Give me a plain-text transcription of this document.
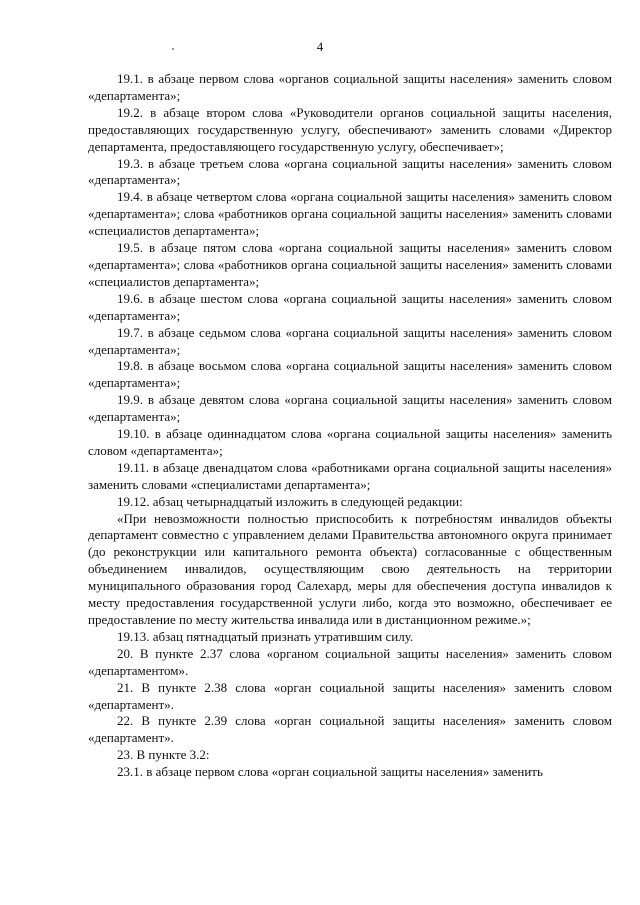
4

19.1. в абзаце первом слова «органов социальной защиты населения» заменить словом «департамента»;

19.2. в абзаце втором слова «Руководители органов социальной защиты населения, предоставляющих государственную услугу, обеспечивают» заменить словами «Директор департамента, предоставляющего государственную услугу, обеспечивает»;

19.3. в абзаце третьем слова «органа социальной защиты населения» заменить словом «департамента»;

19.4. в абзаце четвертом слова «органа социальной защиты населения» заменить словом «департамента»; слова «работников органа социальной защиты населения» заменить словами «специалистов департамента»;

19.5. в абзаце пятом слова «органа социальной защиты населения» заменить словом «департамента»; слова «работников органа социальной защиты населения» заменить словами «специалистов департамента»;

19.6. в абзаце шестом слова «органа социальной защиты населения» заменить словом «департамента»;

19.7. в абзаце седьмом слова «органа социальной защиты населения» заменить словом «департамента»;

19.8. в абзаце восьмом слова «органа социальной защиты населения» заменить словом «департамента»;

19.9. в абзаце девятом слова «органа социальной защиты населения» заменить словом «департамента»;

19.10. в абзаце одиннадцатом слова «органа социальной защиты населения» заменить словом «департамента»;

19.11. в абзаце двенадцатом слова «работниками органа социальной защиты населения» заменить словами «специалистами департамента»;

19.12. абзац четырнадцатый изложить в следующей редакции:

«При невозможности полностью приспособить к потребностям инвалидов объекты департамент совместно с управлением делами Правительства автономного округа принимает (до реконструкции или капитального ремонта объекта) согласованные с общественным объединением инвалидов, осуществляющим свою деятельность на территории муниципального образования город Салехард, меры для обеспечения доступа инвалидов к месту предоставления государственной услуги либо, когда это возможно, обеспечивает ее предоставление по месту жительства инвалида или в дистанционном режиме.»;

19.13. абзац пятнадцатый признать утратившим силу.

20. В пункте 2.37 слова «органом социальной защиты населения» заменить словом «департаментом».

21. В пункте 2.38 слова «орган социальной защиты населения» заменить словом «департамент».

22. В пункте 2.39 слова «орган социальной защиты населения» заменить словом «департамент».

23. В пункте 3.2:

23.1. в абзаце первом слова «орган социальной защиты населения» заменить
